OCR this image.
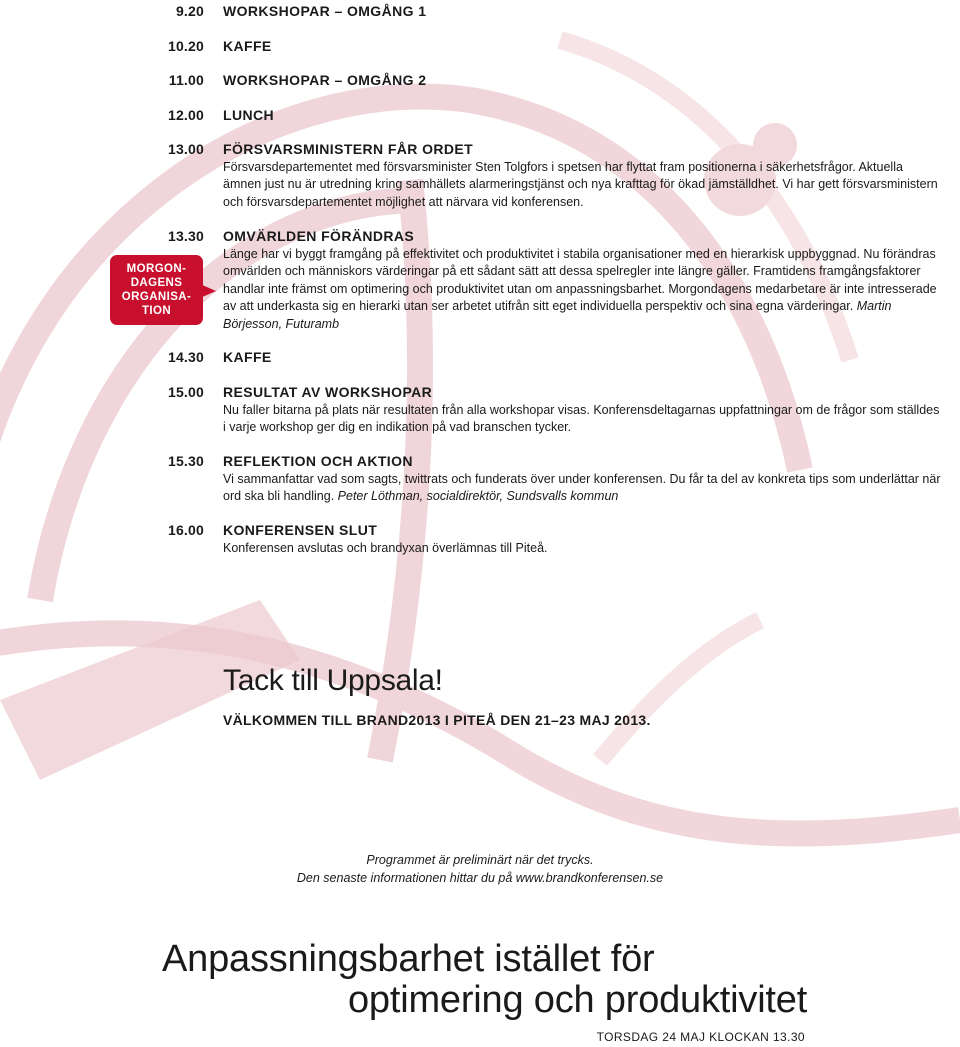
9.20 WORKSHOPAR – OMGÅNG 1
10.20 KAFFE
11.00 WORKSHOPAR – OMGÅNG 2
12.00 LUNCH
13.00 FÖRSVARSMINISTERN FÅR ORDET
Försvarsdepartementet med försvarsminister Sten Tolgfors i spetsen har flyttat fram positionerna i säkerhetsfrågor. Aktuella ämnen just nu är utredning kring samhällets alarmeringstjänst och nya krafttag för ökad jämställdhet. Vi har gett försvarsministern och försvarsdepartementet möjlighet att närvara vid konferensen.
13.30 OMVÄRLDEN FÖRÄNDRAS
Länge har vi byggt framgång på effektivitet och produktivitet i stabila organisationer med en hierarkisk uppbyggnad. Nu förändras omvärlden och människors värderingar på ett sådant sätt att dessa spelregler inte längre gäller. Framtidens framgångsfaktorer handlar inte främst om optimering och produktivitet utan om anpassningsbarhet. Morgondagens medarbetare är inte intresserade av att underkasta sig en hierarki utan ser arbetet utifrån sitt eget individuella perspektiv och sina egna värderingar. Martin Börjesson, Futuramb
MORGON-
DAGENS
ORGANISA-
TION
14.30 KAFFE
15.00 RESULTAT AV WORKSHOPAR
Nu faller bitarna på plats när resultaten från alla workshopar visas. Konferensdeltagarnas uppfattningar om de frågor som ställdes i varje workshop ger dig en indikation på vad branschen tycker.
15.30 REFLEKTION OCH AKTION
Vi sammanfattar vad som sagts, twittrats och funderats över under konferensen. Du får ta del av konkreta tips som underlättar när ord ska bli handling. Peter Löthman, socialdirektör, Sundsvalls kommun
16.00 KONFERENSEN SLUT
Konferensen avslutas och brandyxan överlämnas till Piteå.
Tack till Uppsala!
VÄLKOMMEN TILL BRAND2013 I PITEÅ DEN 21–23 MAJ 2013.
Programmet är preliminärt när det trycks.
Den senaste informationen hittar du på www.brandkonferensen.se
Anpassningsbarhet istället för
optimering och produktivitet
TORSDAG 24 MAJ KLOCKAN 13.30
